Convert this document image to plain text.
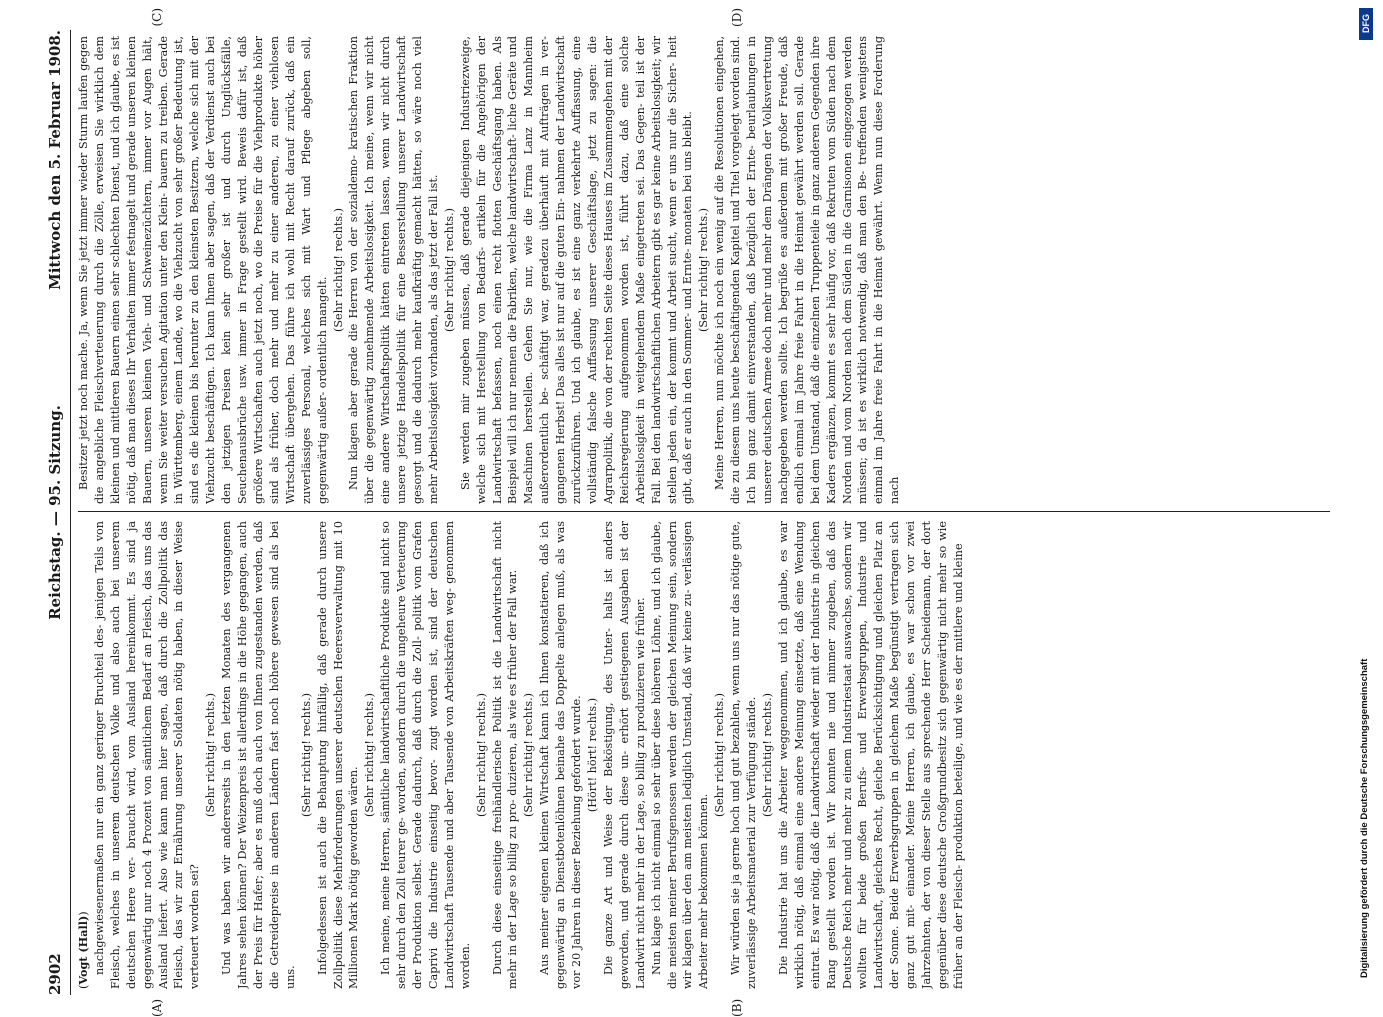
2902
Reichstag. — 95. Sitzung.
Mittwoch den 5. Februar 1908.

(Vogt (Hall)) nachgewiesenermaßen nur ein ganz geringer Bruchteil des- jenigen Teils von Fleisch, welches in unserem deutschen Volke und also auch bei unserem deutschen Heere ver- braucht wird, vom Ausland hereinkommt. Es sind ja gegenwärtig nur noch 4 Prozent von sämtlichem Bedarf an Fleisch, das uns das Ausland liefert. Also wie kann man hier sagen, daß durch die Zollpolitik das Fleisch, das wir zur Ernährung unserer Soldaten nötig haben, in dieser Weise verteuert worden sei?

(Sehr richtig! rechts.) Und was haben wir andererseits in den letzten Monaten des vergangenen Jahres sehen können? Der Weizenpreis ist allerdings in die Höhe gegangen, auch der Preis für Hafer; aber es muß doch auch von Ihnen zugestanden werden, daß die Getreidepreise in anderen Ländern fast noch höhere gewesen sind als bei uns.

(Sehr richtig! rechts.) Infolgedessen ist auch die Behauptung hinfällig, daß gerade durch unsere Zollpolitik diese Mehrforderungen unserer deutschen Heeresverwaltung mit 10 Millionen Mark nötig geworden wären.

(Sehr richtig! rechts.) Ich meine, meine Herren, sämtliche landwirtschaftliche Produkte sind nicht so sehr durch den Zoll teurer ge- worden, sondern durch die ungeheure Verteuerung der Produktion selbst. Gerade dadurch, daß durch die Zoll- politik vom Grafen Caprivi die Industrie einseitig bevor- zugt worden ist, sind der deutschen Landwirtschaft Tausende und aber Tausende von Arbeitskräften weg- genommen worden.

(Sehr richtig! rechts.) Durch diese einseitige freihändlerische Politik ist die Landwirtschaft nicht mehr in der Lage so billig zu pro- duzieren, als wie es früher der Fall war. (Sehr richtig! rechts.) Aus meiner eigenen kleinen Wirtschaft kann ich Ihnen konstatieren, daß ich gegenwärtig an Dienstbotenlöhnen beinahe das Doppelte anlegen muß, als was vor 20 Jahren in dieser Beziehung gefordert wurde. (Hört! hört! rechts.) Die ganze Art und Weise der Beköstigung, des Unter- halts ist anders geworden, und gerade durch diese un- erhört gestiegenen Ausgaben ist der Landwirt nicht mehr in der Lage, so billig zu produzieren wie früher. Nun klage ich nicht einmal so sehr über diese höheren Löhne, und ich glaube, die meisten meiner Berufsgenossen werden der gleichen Meinung sein, sondern wir klagen über den am meisten lediglich Umstand, daß wir keine zu- verlässigen Arbeiter mehr bekommen können.

(Sehr richtig! rechts.) Wir würden sie ja gerne hoch und gut bezahlen, wenn uns nur das nötige gute, zuverlässige Arbeitsmaterial zur Verfügung stände. (Sehr richtig! rechts.) Die Industrie hat uns die Arbeiter weggenommen, und ich glaube, es war wirklich nötig, daß einmal eine andere Meinung einsetzte, daß eine Wendung eintrat. Es war nötig, daß die Landwirtschaft wieder mit der Industrie in gleichen Rang gestellt worden ist. Wir konnten nie und nimmer zugeben, daß das Deutsche Reich mehr und mehr zu einem Industriestaat auswachse, sondern wir wollten für beide großen Berufs- und Erwerbsgruppen, Industrie und Landwirtschaft, gleiches Recht, gleiche Berücksichtigung und gleichen Platz an der Sonne. Beide Erwerbsgruppen in gleichem Maße begünstigt vertragen sich ganz gut mit- einander. Meine Herren, ich glaube, es war schon vor zwei Jahrzehnten, der von dieser Stelle aus sprechende Herr Scheidemann, der dort gegenüber diese deutsche Großgrundbesitz sich gegenwärtig nicht mehr so wie früher an der Fleisch- produktion beteilige, und wie es der mittlere und kleine

Besitzer jetzt noch mache. Ja, wenn Sie jetzt immer wieder Sturm laufen gegen die angebliche Fleischverteuerung durch die Zölle, erweisen Sie wirklich dem kleinen und mittleren Bauern einen sehr schlechten Dienst, und ich glaube, es ist nötig, daß man dieses Ihr Verhalten immer festnagelt und gerade unseren kleinen Bauern, unseren kleinen Vieh- und Schweinezüchtern, immer vor Augen hält, wenn Sie weiter versuchen Agitation unter den Klein- bauern zu treiben. Gerade in Württemberg, einem Lande, wo die Viehzucht von sehr großer Bedeutung ist, sind es die kleinen bis herunter zu den kleinsten Besitzern, welche sich mit der Viehzucht beschäftigen. Ich kann Ihnen aber sagen, daß der Verdienst auch bei den jetzigen Preisen kein sehr großer ist und durch Unglücksfälle, Seuchenausbrüche usw. immer in Frage gestellt wird. Beweis dafür ist, daß größere Wirtschaften auch jetzt noch, wo die Preise für die Viehprodukte höher sind als früher, doch mehr und mehr zu einer anderen, zu einer viehlosen Wirtschaft übergehen. Das führe ich wohl mit Recht darauf zurück, daß ein zuverlässiges Personal, welches sich mit Wart und Pflege abgeben soll, gegenwärtig außer- ordentlich mangelt.

(Sehr richtig! rechts.) Nun klagen aber gerade die Herren von der sozialdemo- kratischen Fraktion über die gegenwärtig zunehmende Arbeitslosigkeit. Ich meine, wenn wir nicht eine andere Wirtschaftspolitik hätten eintreten lassen, wenn wir nicht durch unsere jetzige Handelspolitik für eine Besserstellung unserer Landwirtschaft gesorgt und die dadurch mehr kaufkräftig gemacht hätten, so wäre noch viel mehr Arbeitslosigkeit vorhanden, als das jetzt der Fall ist. (Sehr richtig! rechts.) Sie werden mir zugeben müssen, daß gerade diejenigen Industriezweige, welche sich mit Herstellung von Bedarfs- artikeln für die Angehörigen der Landwirtschaft befassen, noch einen recht flotten Geschäftsgang haben. Als Beispiel will ich nur nennen die Fabriken, welche landwirtschaft- liche Geräte und Maschinen herstellen. Gehen Sie nur, wie die Firma Lanz in Mannheim außerordentlich be- schäftigt war, geradezu überhäuft mit Aufträgen in ver- gangenen Herbst! Das alles ist nur auf die guten Ein- nahmen der Landwirtschaft zurückzuführen. Und ich glaube, es ist eine ganz verkehrte Auffassung, eine vollständig falsche Auffassung unserer Geschäftslage, jetzt zu sagen: die Agrarpolitik, die von der rechten Seite dieses Hauses im Zusammengehen mit der Reichsregierung aufgenommen worden ist, führt dazu, daß eine solche Arbeitslosigkeit in weitgehendem Maße eingetreten sei. Das Gegen- teil ist der Fall. Bei den landwirtschaftlichen Arbeitern gibt es gar keine Arbeitslosigkeit; wir stellen jeden ein, der kommt und Arbeit sucht, wenn er uns nur die Sicher- heit gibt, daß er auch in den Sommer- und Ernte- monaten bei uns bleibt. (Sehr richtig! rechts.) Meine Herren, nun möchte ich noch ein wenig auf die Resolutionen eingehen, die zu diesem uns heute beschäftigenden Kapitel und Titel vorgelegt worden sind. Ich bin ganz damit einverstanden, daß bezüglich der Ernte- beurlaubungen in unserer deutschen Armee doch mehr und mehr dem Drängen der Volksvertretung nachgegeben werden sollte. Ich begrüße es außerdem mit großer Freude, daß endlich einmal im Jahre freie Fahrt in die Heimat gewährt werden soll. Gerade bei dem Umstand, daß die einzelnen Truppenteile in ganz anderen Gegenden ihre Kaders ergänzen, kommt es sehr häufig vor, daß Rekruten vom Süden nach dem Norden und vom Norden nach dem Süden in die Garnisonen eingezogen werden müssen; da ist es wirklich notwendig, daß man den Be- treffenden wenigstens einmal im Jahre freie Fahrt in die Heimat gewährt. Wenn nun diese Forderung nach

(A)	(B)
(C)	(D)	DFG
Digitalisierung gefördert durch die Deutsche Forschungsgemeinschaft
